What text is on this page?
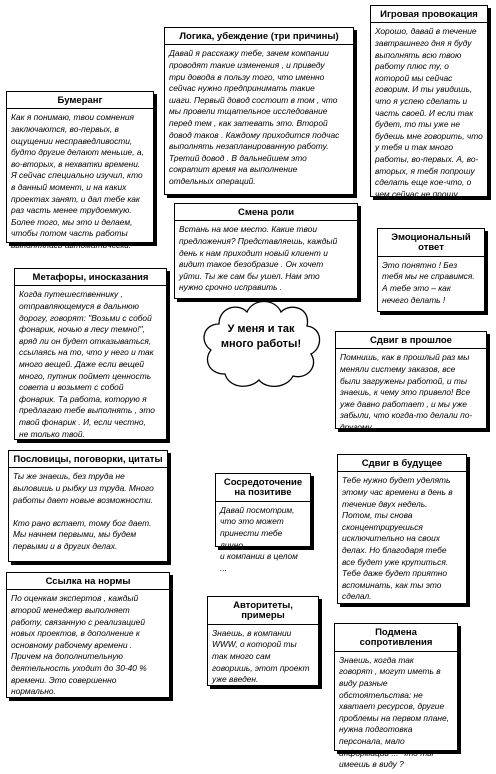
Бумеранг
Как я понимаю, твои сомнения
заключаются, во-первых, в
ощущении несправедливости,
будто другие делают меньше, а,
во-вторых, в нехватки времени.
Я сейчас специально изучил, кто
в данный момент, и на каких
проектах занят, и дал тебе как
раз часть менее трудоемкую.
Более того, мы это и делаем,
чтобы потом часть работы
выполнялась автоматически.
Логика, убеждение (три причины)
Давай я расскажу тебе, зачем компании
проводят такие изменения , и приведу
три довода в пользу того, что именно
сейчас нужно предпринимать такие
шаги. Первый довод состоит в том , что
мы провели тщательное исследование
перед тем , как затевать это. Второй
довод таков . Каждому приходится подчас
выполнять незапланированную работу.
Третий довод . В дальнейшем это
сократит время на выполнение
отдельных операций.
Игровая провокация
Хорошо, давай в течение
завтрашнего дня я буду
выполнять всю твою
работу плюс ту, о
которой мы сейчас
говорим. И ты увидишь,
что я успею сделать и
часть своей. И если так
будет, то ты уже не
будешь мне говорить, что
у тебя и так много
работы, во-первых. А, во-
вторых, я тебя попрошу
сделать еще кое-что, о
чем сейчас не прошу.
Смена роли
Встань на мое место. Какие твои
предложения? Представляешь, каждый
день к нам приходит новый клиент и
видит такое безобразие . Он хочет
уйти. Ты же сам бы ушел. Нам это
нужно срочно исправить .
Эмоциональный ответ
Это понятно ! Без
тебя мы не справимся.
А тебе это – как
нечего делать !
Метафоры, иносказания
Когда путешественнику ,
отправляющемуся в дальнюю
дорогу, говорят: "Возьми с собой
фонарик, ночью в лесу темно!",
вряд ли он будет отказываться,
ссылаясь на то, что у него и так
много вещей. Даже если вещей
много, путник поймет ценность
совета и возьмет с собой
фонарик. Та работа, которую я
предлагаю тебе выполнять , это
твой фонарик . И, если честно,
не только твой.
Сдвиг в прошлое
Помнишь, как в прошлый раз мы
меняли систему заказов, все
были загружены работой, и ты
знаешь, к чему это привело! Все
уже давно работает , и мы уже
забыли, что когда-то делали по-
другому.
Пословицы, поговорки, цитаты
Ты же знаешь, без труда не
выловишь и рыбку из труда. Много
работы дает новые возможности.

Кто рано встает, тому бог дает.
Мы начнем первыми, мы будем
первыми и в других делах.
Сосредоточение на позитиве
Давай посмотрим,
что это может
принести тебе лично
и компании в целом ...
Сдвиг в будущее
Тебе нужно будет уделять
этому час времени в день в
течение двух недель.
Потом, ты снова
сконцентрируешься
исключительно на своих
делах. Но благодаря тебе
все будет уже крутиться.
Тебе даже будет приятно
вспоминать, как ты это
сделал.
Ссылка на нормы
По оценкам экспертов , каждый
второй менеджер выполняет
работу, связанную с реализацией
новых проектов, в дополнение к
основному рабочему времени .
Причем на дополнительную
деятельность уходит до 30-40 %
времени. Это совершенно
нормально.
Авторитеты, примеры
Знаешь, в компании
WWW, о которой ты
так много сам
говоришь, этот проект
уже введен.
Подмена сопротивления
Знаешь, когда так
говорят , могут иметь в
виду разные
обстоятельства: не
хватает ресурсов, другие
проблемы на первом плане,
нужна подготовка
персонала, мало
информации ... Что ты
имеешь в виду ?
У меня и так
много работы!
